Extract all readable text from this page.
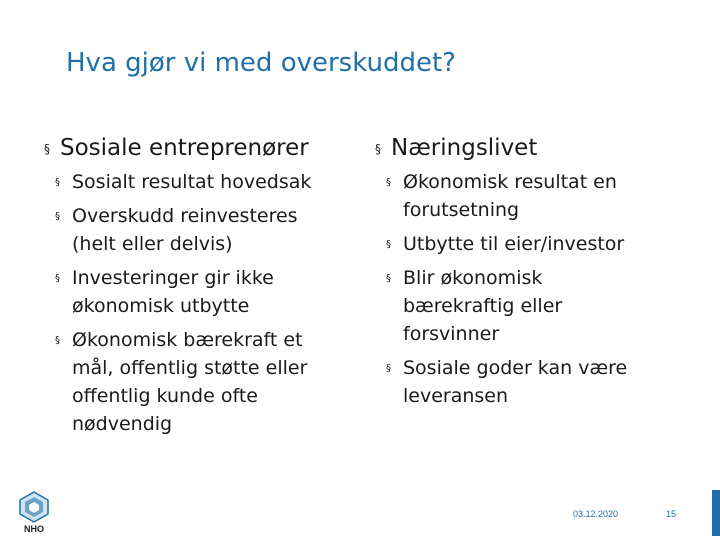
Hva gjør vi med overskuddet?
§ Sosiale entreprenører
§ Sosialt resultat hovedsak
§ Overskudd reinvesteres
(helt eller delvis)
§ Investeringer gir ikke
økonomisk utbytte
§ Økonomisk bærekraft et
mål, offentlig støtte eller
offentlig kunde ofte
nødvendig
§ Næringslivet
§ Økonomisk resultat en
forutsetning
§ Utbytte til eier/investor
§ Blir økonomisk
bærekraftig eller
forsvinner
§ Sosiale goder kan være
leveransen
NHO
03.12.2020	15
